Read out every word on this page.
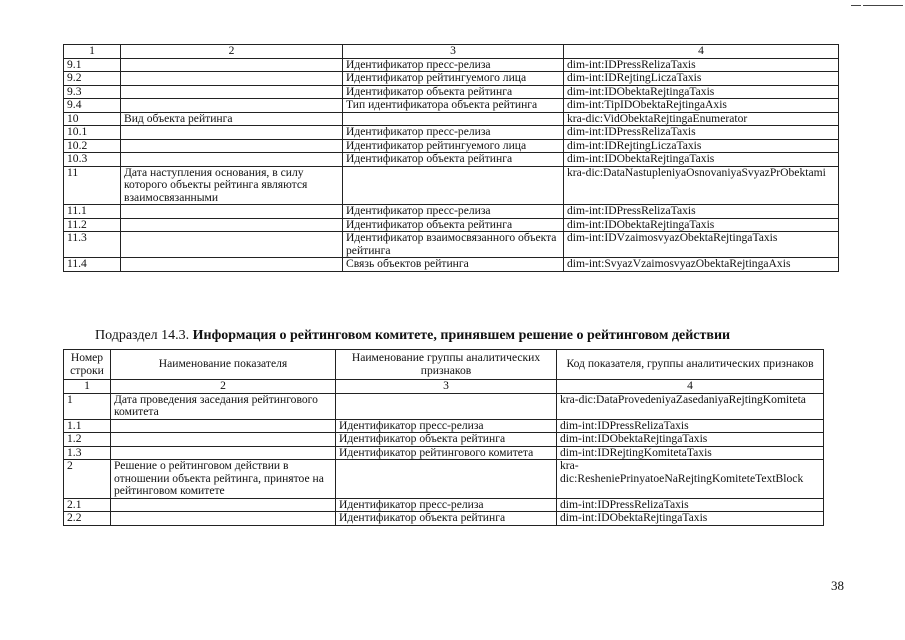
1	2	3	4
9.1		Идентификатор пресс-релиза	dim-int:IDPressRelizaTaxis
9.2		Идентификатор рейтингуемого лица	dim-int:IDRejtingLiczaTaxis
9.3		Идентификатор объекта рейтинга	dim-int:IDObektaRejtingaTaxis
9.4		Тип идентификатора объекта рейтинга	dim-int:TipIDObektaRejtingaAxis
10	Вид объекта рейтинга		kra-dic:VidObektaRejtingaEnumerator
10.1		Идентификатор пресс-релиза	dim-int:IDPressRelizaTaxis
10.2		Идентификатор рейтингуемого лица	dim-int:IDRejtingLiczaTaxis
10.3		Идентификатор объекта рейтинга	dim-int:IDObektaRejtingaTaxis
11	Дата наступления основания, в силу которого объекты рейтинга являются взаимосвязанными		kra-dic:DataNastupleniyaOsnovaniyaSvyazPrObektami
11.1		Идентификатор пресс-релиза	dim-int:IDPressRelizaTaxis
11.2		Идентификатор объекта рейтинга	dim-int:IDObektaRejtingaTaxis
11.3		Идентификатор взаимосвязанного объекта рейтинга	dim-int:IDVzaimosvyazObektaRejtingaTaxis
11.4		Связь объектов рейтинга	dim-int:SvyazVzaimosvyazObektaRejtingaAxis
Подраздел 14.3. Информация о рейтинговом комитете, принявшем решение о рейтинговом действии
Номер строки	Наименование показателя	Наименование группы аналитических признаков	Код показателя, группы аналитических признаков
1	2	3	4
1	Дата проведения заседания рейтингового комитета		kra-dic:DataProvedeniyaZasedaniyaRejtingKomiteta
1.1		Идентификатор пресс-релиза	dim-int:IDPressRelizaTaxis
1.2		Идентификатор объекта рейтинга	dim-int:IDObektaRejtingaTaxis
1.3		Идентификатор рейтингового комитета	dim-int:IDRejtingKomitetaTaxis
2	Решение о рейтинговом действии в отношении объекта рейтинга, принятое на рейтинговом комитете		kra-dic:ResheniePrinyatoeNaRejtingKomiteteTextBlock
2.1		Идентификатор пресс-релиза	dim-int:IDPressRelizaTaxis
2.2		Идентификатор объекта рейтинга	dim-int:IDObektaRejtingaTaxis
38
